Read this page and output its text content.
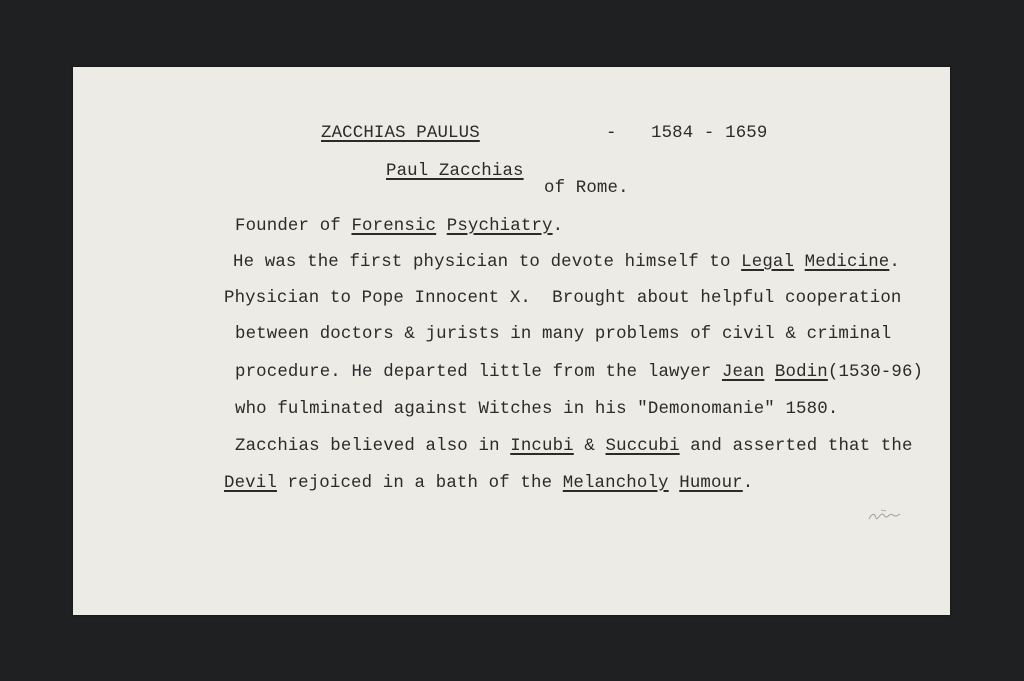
ZACCHIAS PAULUS	- 1584 - 1659
Paul Zacchias
of Rome.
Founder of Forensic Psychiatry.
He was the first physician to devote himself to Legal Medicine.
Physician to Pope Innocent X.  Brought about helpful cooperation
between doctors & jurists in many problems of civil & criminal
procedure. He departed little from the lawyer Jean Bodin(1530-96)
who fulminated against Witches in his "Demonomanie" 1580.
Zacchias believed also in Incubi & Succubi and asserted that the
Devil rejoiced in a bath of the Melancholy Humour.
